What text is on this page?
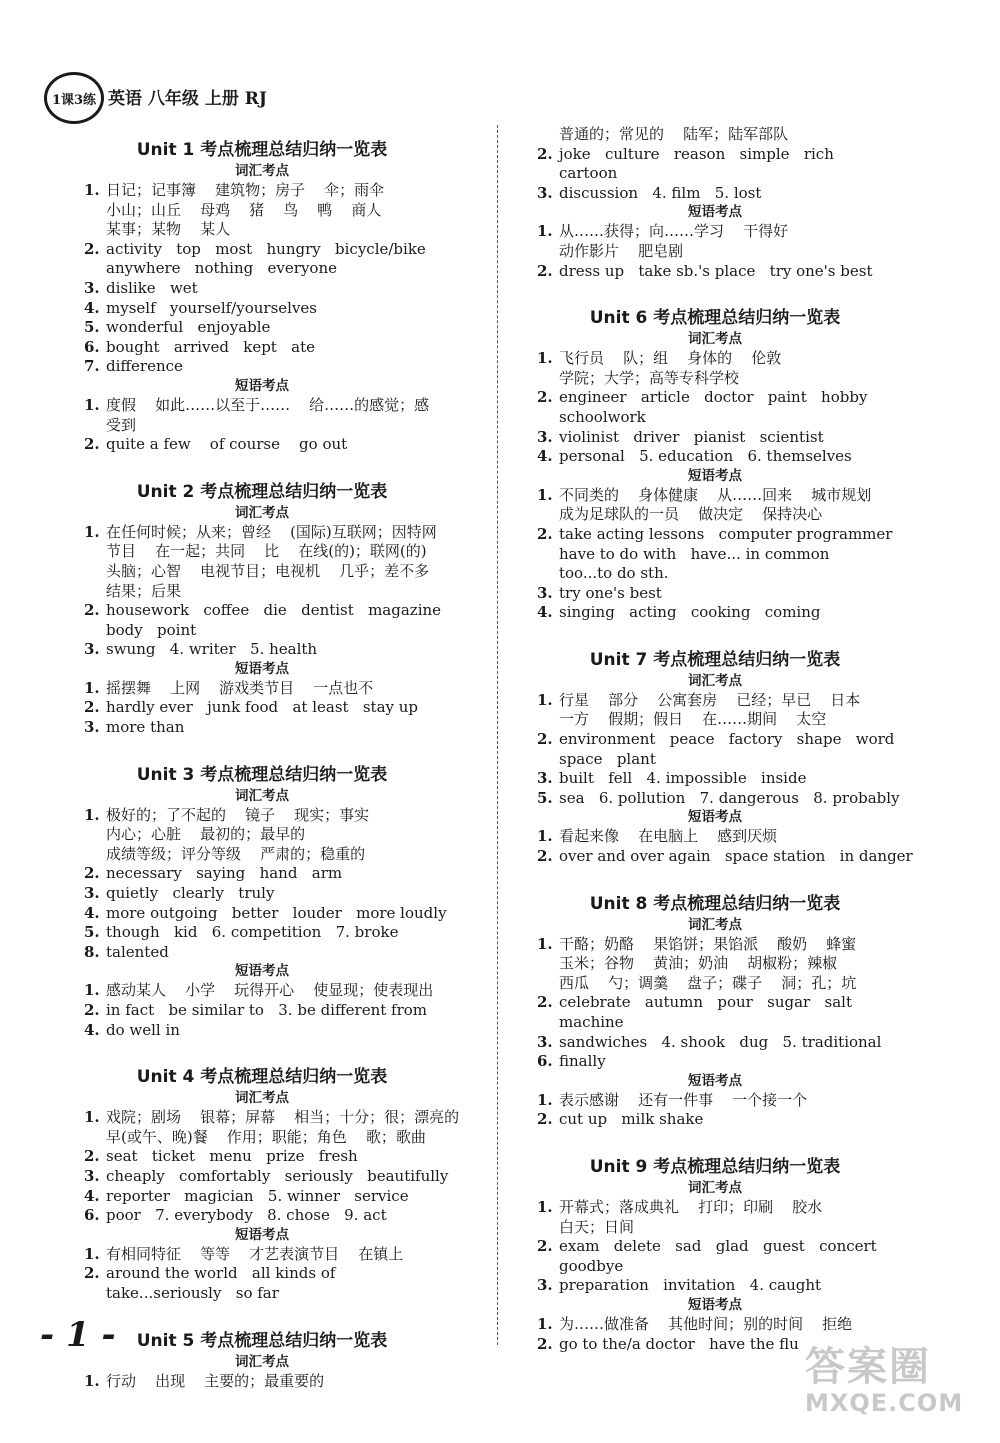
1课3练 英语 八年级 上册 RJ
Unit 1 考点梳理总结归纳一览表
词汇考点
1. 日记；记事簿    建筑物；房子    伞；雨伞
小山；山丘    母鸡    猪    鸟    鸭    商人
某事；某物    某人
2. activity   top   most   hungry   bicycle/bike
anywhere   nothing   everyone
3. dislike   wet
4. myself   yourself/yourselves
5. wonderful   enjoyable
6. bought   arrived   kept   ate
7. difference
短语考点
1. 度假    如此……以至于……    给……的感觉；感
受到
2. quite a few    of course    go out
Unit 2 考点梳理总结归纳一览表
词汇考点
1. 在任何时候；从来；曾经    (国际)互联网；因特网
节目    在一起；共同    比    在线(的)；联网(的)
头脑；心智    电视节目；电视机    几乎；差不多
结果；后果
2. housework   coffee   die   dentist   magazine
body   point
3. swung   4. writer   5. health
短语考点
1. 摇摆舞    上网    游戏类节目    一点也不
2. hardly ever   junk food   at least   stay up
3. more than
Unit 3 考点梳理总结归纳一览表
词汇考点
1. 极好的；了不起的    镜子    现实；事实
内心；心脏    最初的；最早的
成绩等级；评分等级    严肃的；稳重的
2. necessary   saying   hand   arm
3. quietly   clearly   truly
4. more outgoing   better   louder   more loudly
5. though   kid   6. competition   7. broke
8. talented
短语考点
1. 感动某人    小学    玩得开心    使显现；使表现出
2. in fact   be similar to   3. be different from
4. do well in
Unit 4 考点梳理总结归纳一览表
词汇考点
1. 戏院；剧场    银幕；屏幕    相当；十分；很；漂亮的
早(或午、晚)餐    作用；职能；角色    歌；歌曲
2. seat   ticket   menu   prize   fresh
3. cheaply   comfortably   seriously   beautifully
4. reporter   magician   5. winner   service
6. poor   7. everybody   8. chose   9. act
短语考点
1. 有相同特征    等等    才艺表演节目    在镇上
2. around the world   all kinds of
take...seriously   so far
Unit 5 考点梳理总结归纳一览表
词汇考点
1. 行动    出现    主要的；最重要的
普通的；常见的    陆军；陆军部队
2. joke   culture   reason   simple   rich
cartoon
3. discussion   4. film   5. lost
短语考点
1. 从……获得；向……学习    干得好
动作影片    肥皂剧
2. dress up   take sb.'s place   try one's best
Unit 6 考点梳理总结归纳一览表
词汇考点
1. 飞行员    队；组    身体的    伦敦
学院；大学；高等专科学校
2. engineer   article   doctor   paint   hobby
schoolwork
3. violinist   driver   pianist   scientist
4. personal   5. education   6. themselves
短语考点
1. 不同类的    身体健康    从……回来    城市规划
成为足球队的一员    做决定    保持决心
2. take acting lessons   computer programmer
have to do with   have... in common
too...to do sth.
3. try one's best
4. singing   acting   cooking   coming
Unit 7 考点梳理总结归纳一览表
词汇考点
1. 行星    部分    公寓套房    已经；早已    日本
一方    假期；假日    在……期间    太空
2. environment   peace   factory   shape   word
space   plant
3. built   fell   4. impossible   inside
5. sea   6. pollution   7. dangerous   8. probably
短语考点
1. 看起来像    在电脑上    感到厌烦
2. over and over again   space station   in danger
Unit 8 考点梳理总结归纳一览表
词汇考点
1. 干酪；奶酪    果馅饼；果馅派    酸奶    蜂蜜
玉米；谷物    黄油；奶油    胡椒粉；辣椒
西瓜    勺；调羹    盘子；碟子    洞；孔；坑
2. celebrate   autumn   pour   sugar   salt
machine
3. sandwiches   4. shook   dug   5. traditional
6. finally
短语考点
1. 表示感谢    还有一件事    一个接一个
2. cut up   milk shake
Unit 9 考点梳理总结归纳一览表
词汇考点
1. 开幕式；落成典礼    打印；印刷    胶水
白天；日间
2. exam   delete   sad   glad   guest   concert
goodbye
3. preparation   invitation   4. caught
短语考点
1. 为……做准备    其他时间；别的时间    拒绝
2. go to the/a doctor   have the flu
- 1 -
答案圈
MXQE.COM
